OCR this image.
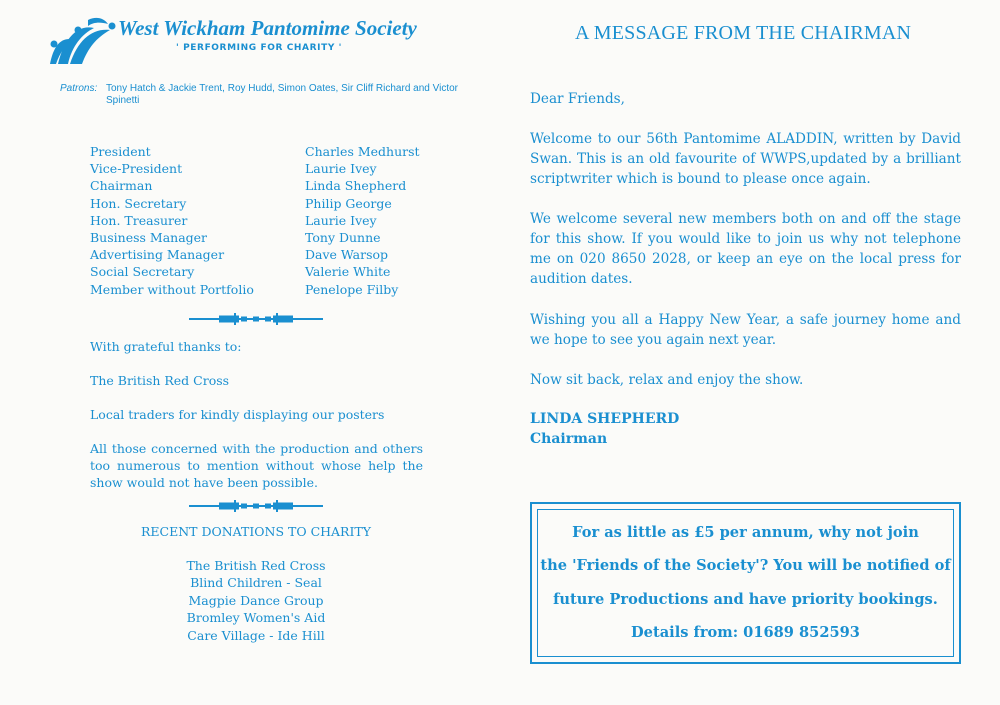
West Wickham Pantomime Society
' PERFORMING FOR CHARITY '
Patrons: Tony Hatch & Jackie Trent, Roy Hudd, Simon Oates, Sir Cliff Richard and Victor Spinetti
President	Charles Medhurst
Vice-President	Laurie Ivey
Chairman	Linda Shepherd
Hon. Secretary	Philip George
Hon. Treasurer	Laurie Ivey
Business Manager	Tony Dunne
Advertising Manager	Dave Warsop
Social Secretary	Valerie White
Member without Portfolio	Penelope Filby
With grateful thanks to:
The British Red Cross
Local traders for kindly displaying our posters
All those concerned with the production and others too numerous to mention without whose help the show would not have been possible.
RECENT DONATIONS TO CHARITY
The British Red Cross
Blind Children - Seal
Magpie Dance Group
Bromley Women's Aid
Care Village - Ide Hill
A MESSAGE FROM THE CHAIRMAN
Dear Friends,
Welcome to our 56th Pantomime ALADDIN, written by David Swan. This is an old favourite of WWPS,updated by a brilliant scriptwriter which is bound to please once again.
We welcome several new members both on and off the stage for this show. If you would like to join us why not telephone me on 020 8650 2028, or keep an eye on the local press for audition dates.
Wishing you all a Happy New Year, a safe journey home and we hope to see you again next year.
Now sit back, relax and enjoy the show.
LINDA SHEPHERD
Chairman
For as little as £5 per annum, why not join
the 'Friends of the Society'? You will be notified of
future Productions and have priority bookings.
Details from: 01689 852593
